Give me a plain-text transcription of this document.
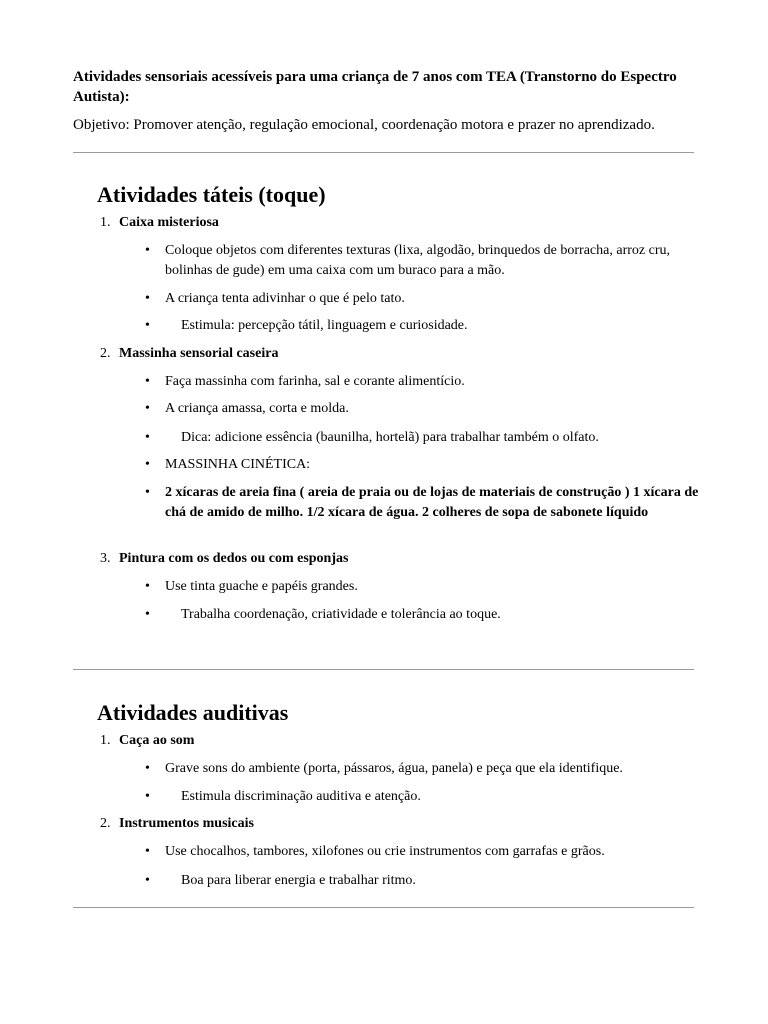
Atividades sensoriais acessíveis para uma criança de 7 anos com TEA (Transtorno do Espectro Autista):
Objetivo: Promover atenção, regulação emocional, coordenação motora e prazer no aprendizado.
Atividades táteis (toque)
1. Caixa misteriosa
•	Coloque objetos com diferentes texturas (lixa, algodão, brinquedos de borracha, arroz cru, bolinhas de gude) em uma caixa com um buraco para a mão.
•	A criança tenta adivinhar o que é pelo tato.
•	Estimula: percepção tátil, linguagem e curiosidade.
2. Massinha sensorial caseira
•	Faça massinha com farinha, sal e corante alimentício.
•	A criança amassa, corta e molda.
•	Dica: adicione essência (baunilha, hortelã) para trabalhar também o olfato.
•	MASSINHA CINÉTICA:
•	2 xícaras de areia fina ( areia de praia ou de lojas de materiais de construção ) 1 xícara de chá de amido de milho. 1/2 xícara de água. 2 colheres de sopa de sabonete líquido
3. Pintura com os dedos ou com esponjas
•	Use tinta guache e papéis grandes.
•	Trabalha coordenação, criatividade e tolerância ao toque.
Atividades auditivas
1. Caça ao som
•	Grave sons do ambiente (porta, pássaros, água, panela) e peça que ela identifique.
•	Estimula discriminação auditiva e atenção.
2. Instrumentos musicais
•	Use chocalhos, tambores, xilofones ou crie instrumentos com garrafas e grãos.
•	Boa para liberar energia e trabalhar ritmo.
